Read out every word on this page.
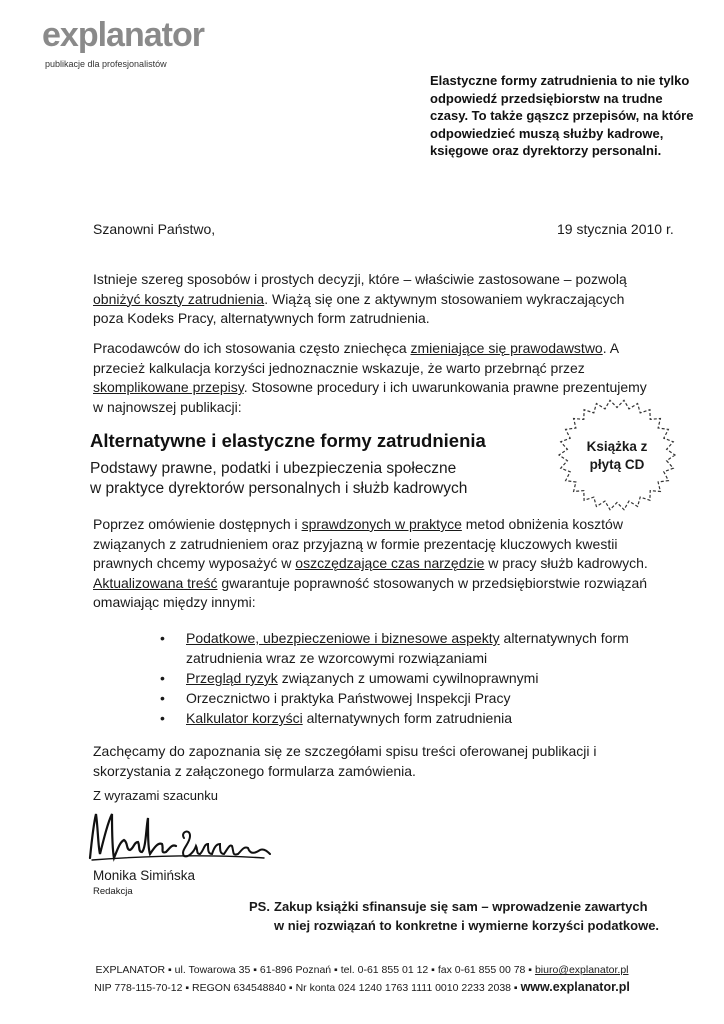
explanator
publikacje dla profesjonalistów
Elastyczne formy zatrudnienia to nie tylko odpowiedź przedsiębiorstw na trudne czasy. To także gąszcz przepisów, na które odpowiedzieć muszą służby kadrowe, księgowe oraz dyrektorzy personalni.
Szanowni Państwo,	19 stycznia 2010 r.
Istnieje szereg sposobów i prostych decyzji, które – właściwie zastosowane – pozwolą obniżyć koszty zatrudnienia. Wiążą się one z aktywnym stosowaniem wykraczających poza Kodeks Pracy, alternatywnych form zatrudnienia.
Pracodawców do ich stosowania często zniechęca zmieniające się prawodawstwo. A przecież kalkulacja korzyści jednoznacznie wskazuje, że warto przebrnąć przez skomplikowane przepisy. Stosowne procedury i ich uwarunkowania prawne prezentujemy w najnowszej publikacji:
Alternatywne i elastyczne formy zatrudnienia
Podstawy prawne, podatki i ubezpieczenia społeczne
w praktyce dyrektorów personalnych i służb kadrowych
Książka z
płytą CD
Poprzez omówienie dostępnych i sprawdzonych w praktyce metod obniżenia kosztów związanych z zatrudnieniem oraz przyjazną w formie prezentację kluczowych kwestii prawnych chcemy wyposażyć w oszczędzające czas narzędzie w pracy służb kadrowych. Aktualizowana treść gwarantuje poprawność stosowanych w przedsiębiorstwie rozwiązań omawiając między innymi:
• Podatkowe, ubezpieczeniowe i biznesowe aspekty alternatywnych form zatrudnienia wraz ze wzorcowymi rozwiązaniami
• Przegląd ryzyk związanych z umowami cywilnoprawnymi
• Orzecznictwo i praktyka Państwowej Inspekcji Pracy
• Kalkulator korzyści alternatywnych form zatrudnienia
Zachęcamy do zapoznania się ze szczegółami spisu treści oferowanej publikacji i skorzystania z załączonego formularza zamówienia.
Z wyrazami szacunku
Monika Simińska
Redakcja
PS. Zakup książki sfinansuje się sam – wprowadzenie zawartych
w niej rozwiązań to konkretne i wymierne korzyści podatkowe.
EXPLANATOR ▪ ul. Towarowa 35 ▪ 61-896 Poznań ▪ tel. 0-61 855 01 12 ▪ fax 0-61 855 00 78 ▪ biuro@explanator.pl
NIP 778-115-70-12 ▪ REGON 634548840 ▪ Nr konta 024 1240 1763 1111 0010 2233 2038 ▪ www.explanator.pl
